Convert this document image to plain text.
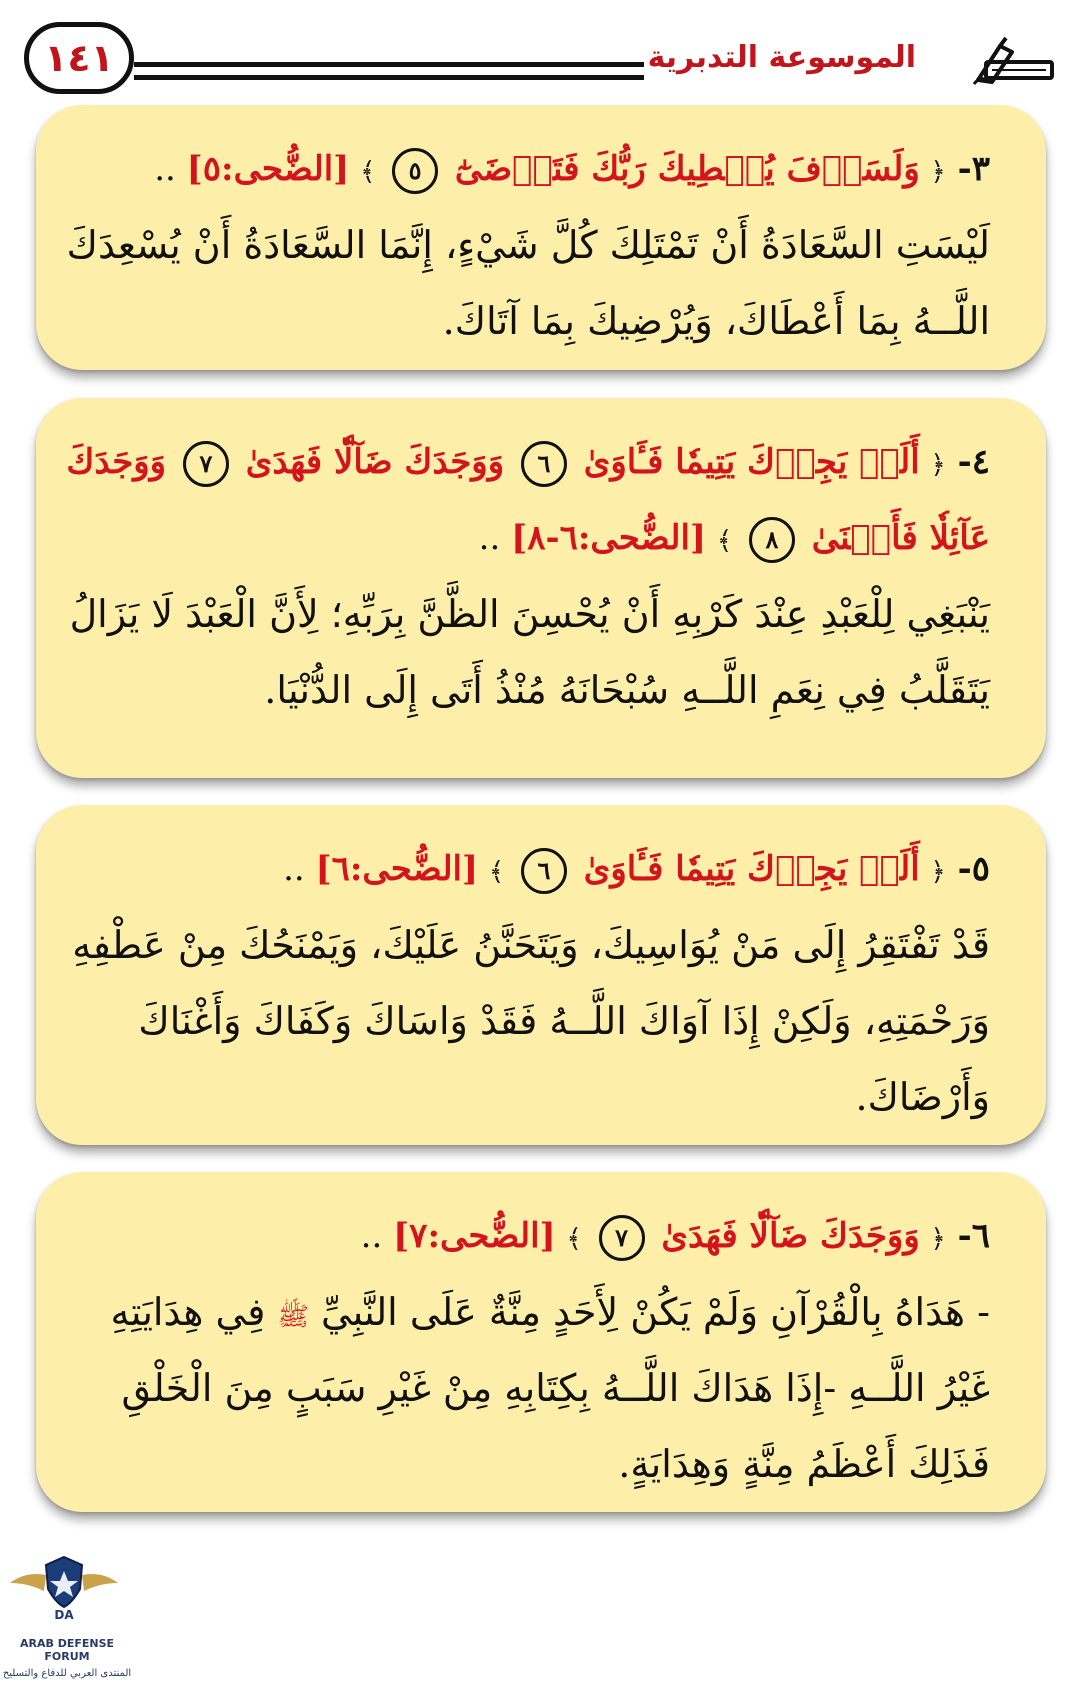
الموسوعة التدبرية
١٤١
٣- ﴿ وَلَسَوۡفَ يُعۡطِيكَ رَبُّكَ فَتَرۡضَىٰٓ ٥ ﴾ [الضُّحى:٥] ..
لَيْسَتِ السَّعَادَةُ أَنْ تَمْتَلِكَ كُلَّ شَيْءٍ، إِنَّمَا السَّعَادَةُ أَنْ يُسْعِدَكَ
اللَّــهُ بِمَا أَعْطَاكَ، وَيُرْضِيكَ بِمَا آتَاكَ.
٤- ﴿ أَلَمۡ يَجِدۡكَ يَتِيمٗا فَـَٔاوَىٰ ٦ وَوَجَدَكَ ضَآلّٗا فَهَدَىٰ ٧ وَوَجَدَكَ
عَآئِلٗا فَأَغۡنَىٰ ٨ ﴾ [الضُّحى:٦-٨] ..
يَنْبَغِي لِلْعَبْدِ عِنْدَ كَرْبِهِ أَنْ يُحْسِنَ الظَّنَّ بِرَبِّهِ؛ لِأَنَّ الْعَبْدَ لَا يَزَالُ
يَتَقَلَّبُ فِي نِعَمِ اللَّــهِ سُبْحَانَهُ مُنْذُ أَتَى إِلَى الدُّنْيَا.
٥- ﴿ أَلَمۡ يَجِدۡكَ يَتِيمٗا فَـَٔاوَىٰ ٦ ﴾ [الضُّحى:٦] ..
قَدْ تَفْتَقِرُ إِلَى مَنْ يُوَاسِيكَ، وَيَتَحَنَّنُ عَلَيْكَ، وَيَمْنَحُكَ مِنْ عَطْفِهِ
وَرَحْمَتِهِ، وَلَكِنْ إِذَا آوَاكَ اللَّــهُ فَقَدْ وَاسَاكَ وَكَفَاكَ وَأَغْنَاكَ
وَأَرْضَاكَ.
٦- ﴿ وَوَجَدَكَ ضَآلّٗا فَهَدَىٰ ٧ ﴾ [الضُّحى:٧] ..
- هَدَاهُ بِالْقُرْآنِ وَلَمْ يَكُنْ لِأَحَدٍ مِنَّةٌ عَلَى النَّبِيِّ ﷺ فِي هِدَايَتِهِ
غَيْرُ اللَّــهِ -إِذَا هَدَاكَ اللَّــهُ بِكِتَابِهِ مِنْ غَيْرِ سَبَبٍ مِنَ الْخَلْقِ
فَذَلِكَ أَعْظَمُ مِنَّةٍ وَهِدَايَةٍ.
DA
ARAB DEFENSE FORUM
المنتدى العربي للدفاع والتسليح
